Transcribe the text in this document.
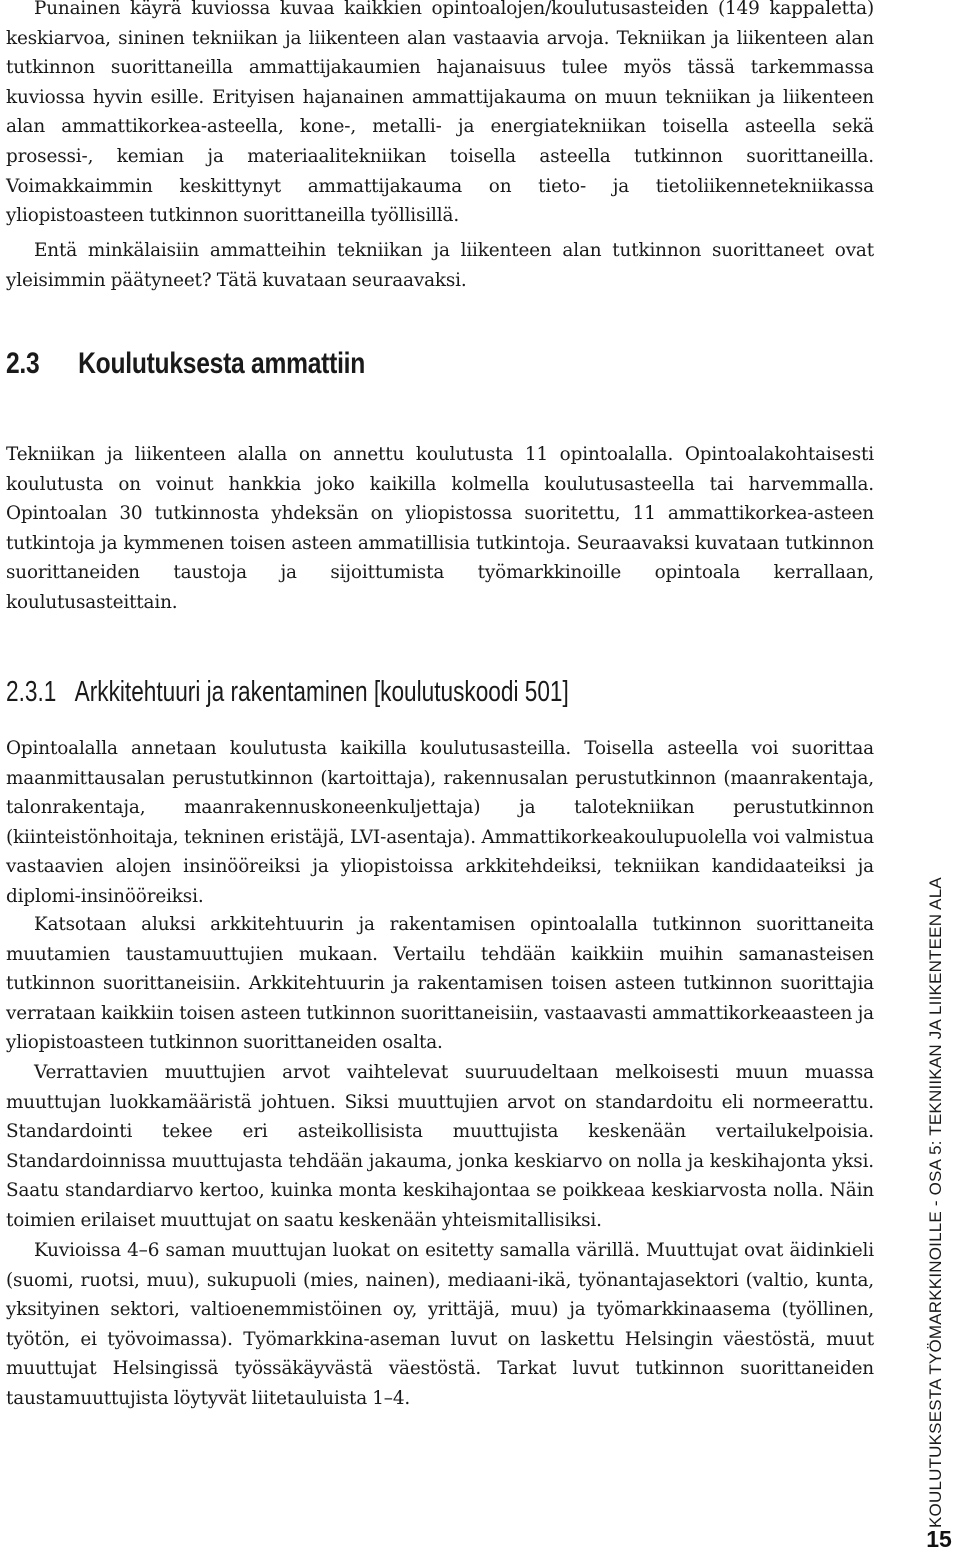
Punainen käyrä kuviossa kuvaa kaikkien opintoalojen/koulutusasteiden (149 kappaletta) keskiarvoa, sininen tekniikan ja liikenteen alan vastaavia arvoja. Tekniikan ja liikenteen alan tutkinnon suorittaneilla ammattijakaumien hajanaisuus tulee myös tässä tarkemmassa kuviossa hyvin esille. Erityisen hajanainen ammattijakauma on muun tekniikan ja liikenteen alan ammattikorkea-asteella, kone-, metalli- ja energiatekniikan toisella asteella sekä prosessi-, kemian ja materiaalitekniikan toisella asteella tutkinnon suorittaneilla. Voimakkaimmin keskittynyt ammattijakauma on tieto- ja tietoliikennetekniikassa yliopistoasteen tutkinnon suorittaneilla työllisillä.

Entä minkälaisiin ammatteihin tekniikan ja liikenteen alan tutkinnon suorittaneet ovat yleisimmin päätyneet? Tätä kuvataan seuraavaksi.

2.3 Koulutuksesta ammattiin

Tekniikan ja liikenteen alalla on annettu koulutusta 11 opintoalalla. Opintoalakohtaisesti koulutusta on voinut hankkia joko kaikilla kolmella koulutusasteella tai harvemmalla. Opintoalan 30 tutkinnosta yhdeksän on yliopistossa suoritettu, 11 ammattikorkea-asteen tutkintoja ja kymmenen toisen asteen ammatillisia tutkintoja. Seuraavaksi kuvataan tutkinnon suorittaneiden taustoja ja sijoittumista työmarkkinoille opintoala kerrallaan, koulutusasteittain.

2.3.1 Arkkitehtuuri ja rakentaminen [koulutuskoodi 501]

Opintoalalla annetaan koulutusta kaikilla koulutusasteilla. Toisella asteella voi suorittaa maanmittausalan perustutkinnon (kartoittaja), rakennusalan perustutkinnon (maanrakentaja, talonrakentaja, maanrakennuskoneenkuljettaja) ja talotekniikan perustutkinnon (kiinteistönhoitaja, tekninen eristäjä, LVI-asentaja). Ammattikorkeakoulupuolella voi valmistua vastaavien alojen insinööreiksi ja yliopistoissa arkkitehdeiksi, tekniikan kandidaateiksi ja diplomi-insinööreiksi.

Katsotaan aluksi arkkitehtuurin ja rakentamisen opintoalalla tutkinnon suorittaneita muutamien taustamuuttujien mukaan. Vertailu tehdään kaikkiin muihin samanasteisen tutkinnon suorittaneisiin. Arkkitehtuurin ja rakentamisen toisen asteen tutkinnon suorittajia verrataan kaikkiin toisen asteen tutkinnon suorittaneisiin, vastaavasti ammattikorkeaasteen ja yliopistoasteen tutkinnon suorittaneiden osalta.

Verrattavien muuttujien arvot vaihtelevat suuruudeltaan melkoisesti muun muassa muuttujan luokkamääristä johtuen. Siksi muuttujien arvot on standardoitu eli normeerattu. Standardointi tekee eri asteikollisista muuttujista keskenään vertailukelpoisia. Standardoinnissa muuttujasta tehdään jakauma, jonka keskiarvo on nolla ja keskihajonta yksi. Saatu standardiarvo kertoo, kuinka monta keskihajontaa se poikkeaa keskiarvosta nolla. Näin toimien erilaiset muuttujat on saatu keskenään yhteismitallisiksi.

Kuvioissa 4–6 saman muuttujan luokat on esitetty samalla värillä. Muuttujat ovat äidinkieli (suomi, ruotsi, muu), sukupuoli (mies, nainen), mediaani-ikä, työnantajasektori (valtio, kunta, yksityinen sektori, valtioenemmistöinen oy, yrittäjä, muu) ja työmarkkinaasema (työllinen, työtön, ei työvoimassa). Työmarkkina-aseman luvut on laskettu Helsingin väestöstä, muut muuttujat Helsingissä työssäkäyvästä väestöstä. Tarkat luvut tutkinnon suorittaneiden taustamuuttujista löytyvät liitetauluista 1–4.	KOULUTUKSESTA TYÖMARKKINOILLE - OSA 5: TEKNIIKAN JA LIIKENTEEN ALA
15
